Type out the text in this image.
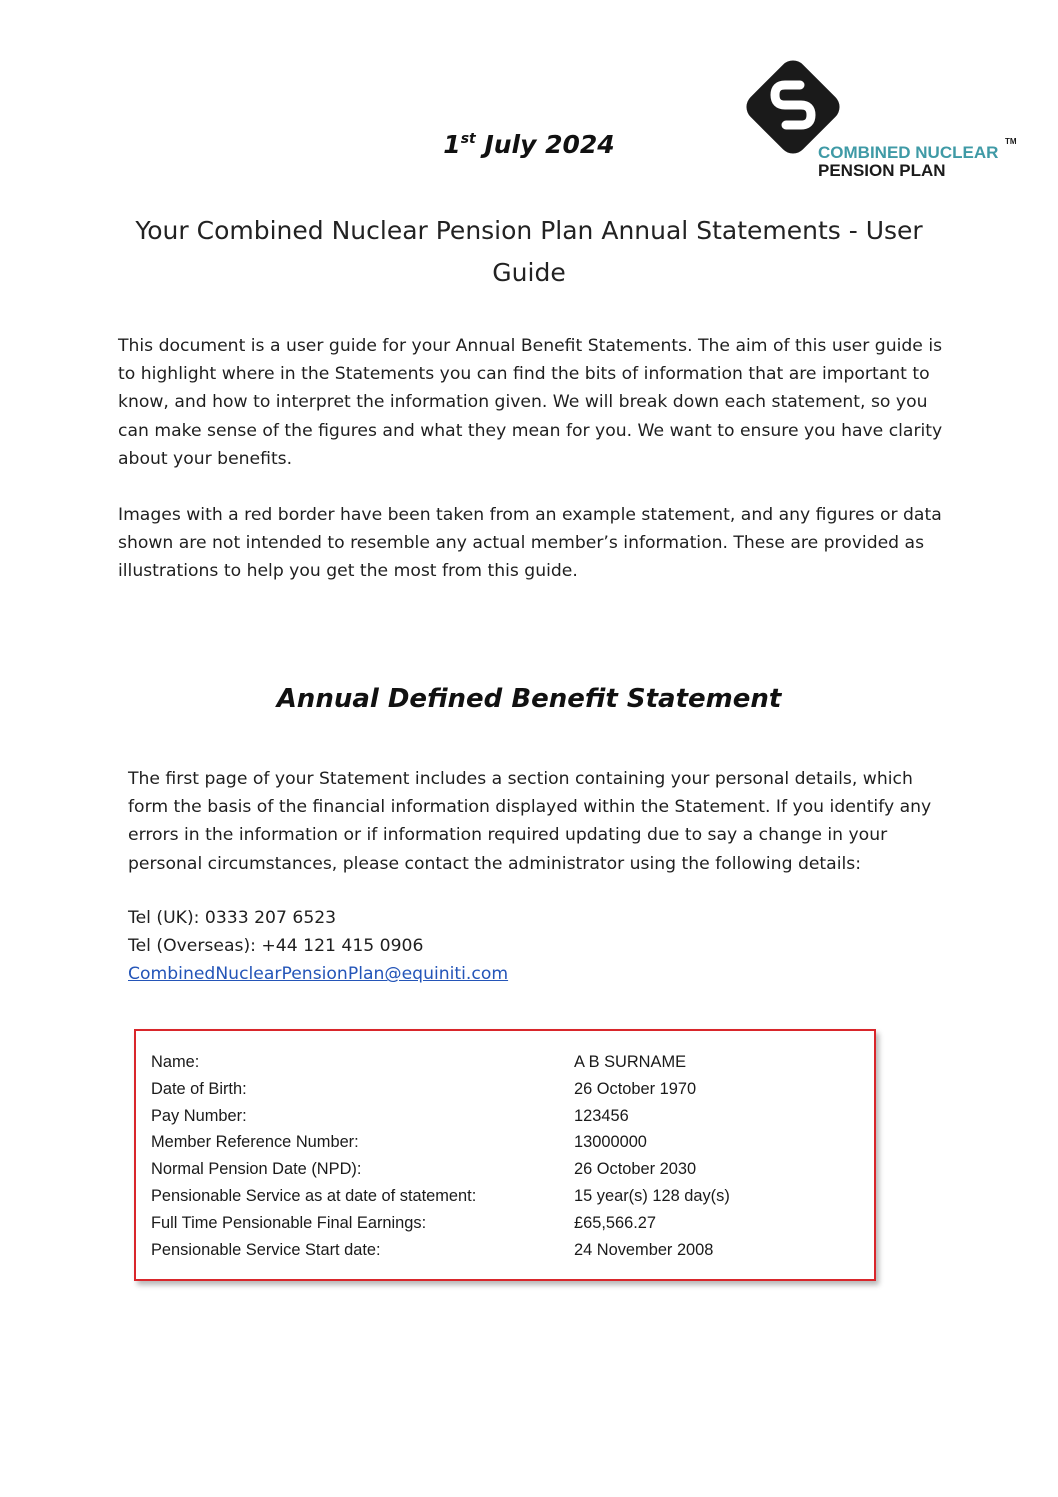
COMBINED NUCLEAR
TM
PENSION PLAN
1st July 2024
Your Combined Nuclear Pension Plan Annual Statements - User Guide

This document is a user guide for your Annual Benefit Statements. The aim of this user guide is to highlight where in the Statements you can find the bits of information that are important to know, and how to interpret the information given. We will break down each statement, so you can make sense of the figures and what they mean for you. We want to ensure you have clarity about your benefits.

Images with a red border have been taken from an example statement, and any figures or data shown are not intended to resemble any actual member’s information. These are provided as illustrations to help you get the most from this guide.

Annual Defined Benefit Statement

The first page of your Statement includes a section containing your personal details, which form the basis of the financial information displayed within the Statement. If you identify any errors in the information or if information required updating due to say a change in your personal circumstances, please contact the administrator using the following details:

Tel (UK): 0333 207 6523
Tel (Overseas): +44 121 415 0906
CombinedNuclearPensionPlan@equiniti.com
Name:	A B SURNAME
Date of Birth:	26 October 1970
Pay Number:	123456
Member Reference Number:	13000000
Normal Pension Date (NPD):	26 October 2030
Pensionable Service as at date of statement:	15 year(s) 128 day(s)
Full Time Pensionable Final Earnings:	£65,566.27
Pensionable Service Start date:	24 November 2008
